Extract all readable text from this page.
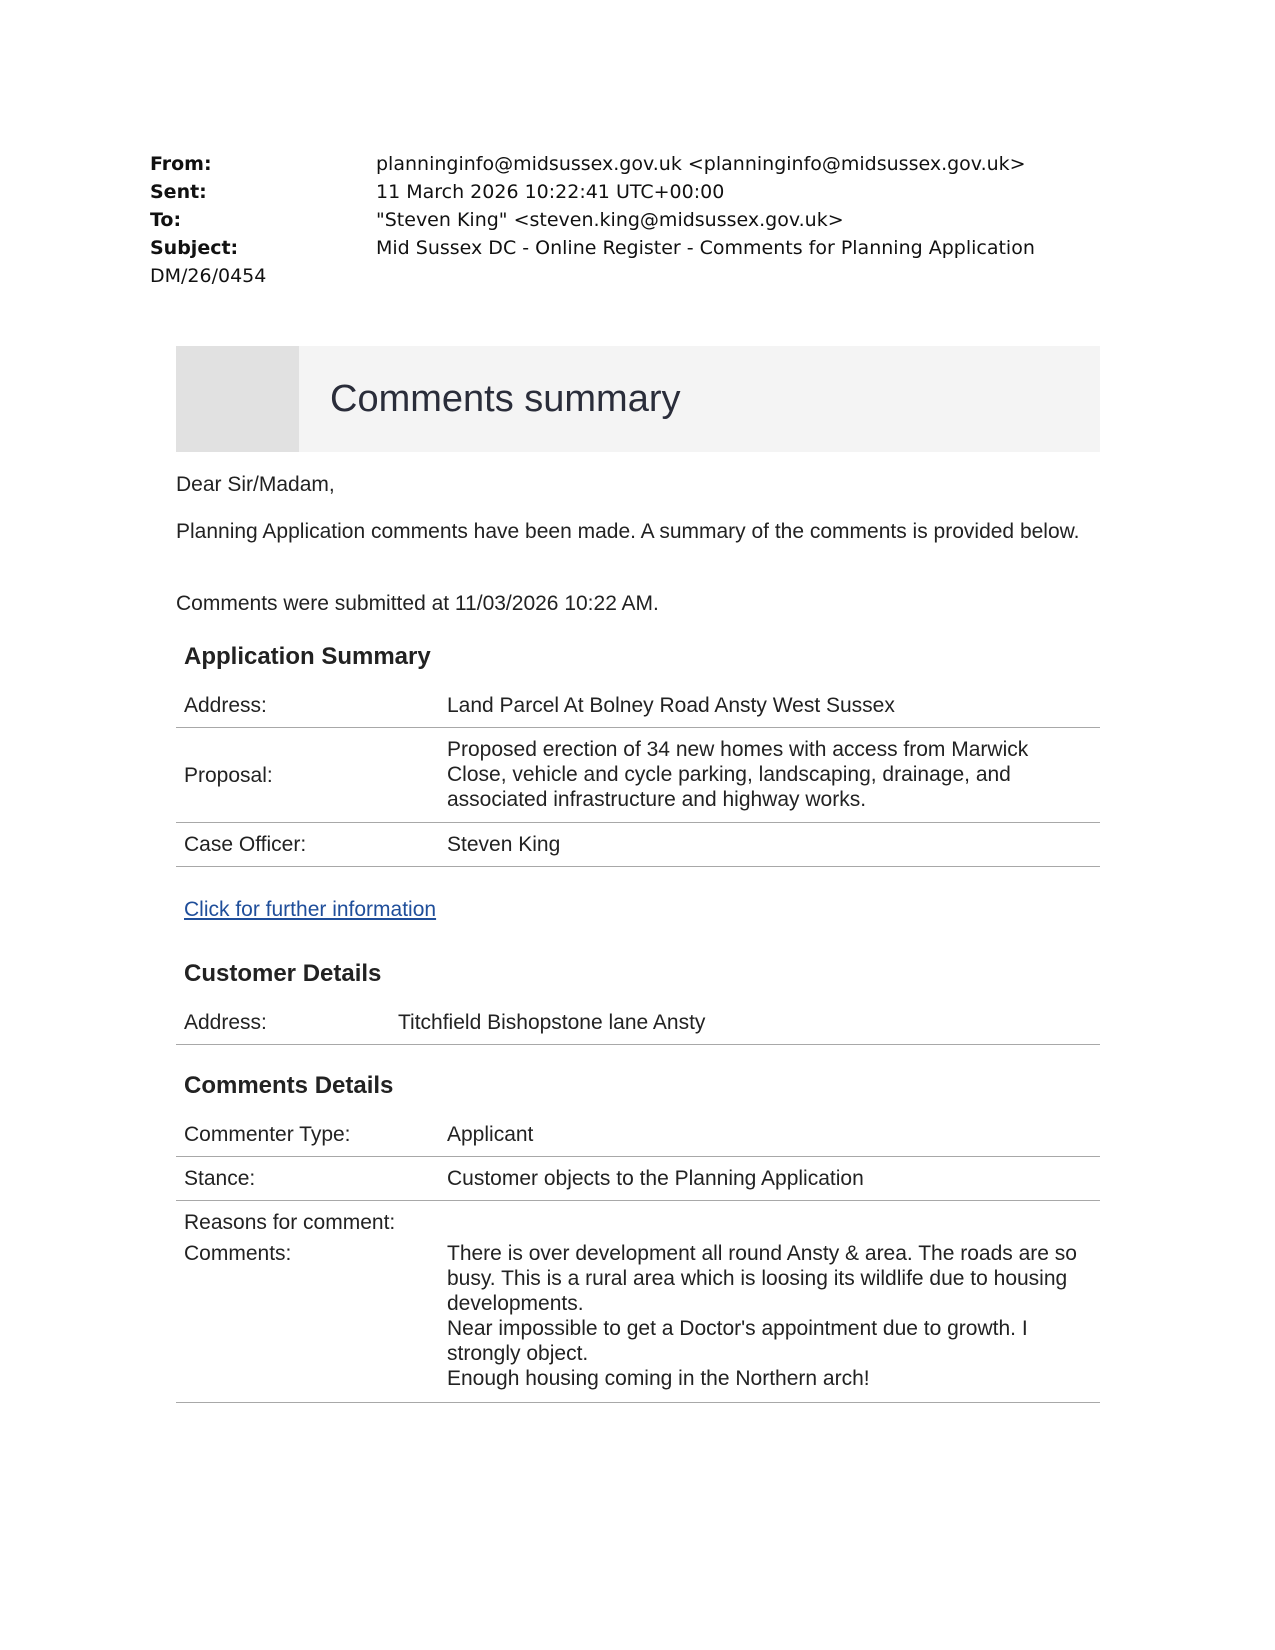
From:	planninginfo@midsussex.gov.uk <planninginfo@midsussex.gov.uk>
Sent:	11 March 2026 10:22:41 UTC+00:00
To:	"Steven King" <steven.king@midsussex.gov.uk>
Subject:	Mid Sussex DC - Online Register - Comments for Planning Application
DM/26/0454
Comments summary
Dear Sir/Madam,
Planning Application comments have been made. A summary of the comments is provided below.
Comments were submitted at 11/03/2026 10:22 AM.
Application Summary
Address:	Land Parcel At Bolney Road Ansty West Sussex
Proposal:
Proposed erection of 34 new homes with access from Marwick Close, vehicle and cycle parking, landscaping, drainage, and associated infrastructure and highway works.
Case Officer:	Steven King
Click for further information
Customer Details
Address:	Titchfield Bishopstone lane Ansty
Comments Details
Commenter Type:	Applicant
Stance:	Customer objects to the Planning Application
Reasons for comment:
Comments:	There is over development all round Ansty & area. The roads are so busy. This is a rural area which is loosing its wildlife due to housing developments.
Near impossible to get a Doctor's appointment due to growth. I strongly object.
Enough housing coming in the Northern arch!
